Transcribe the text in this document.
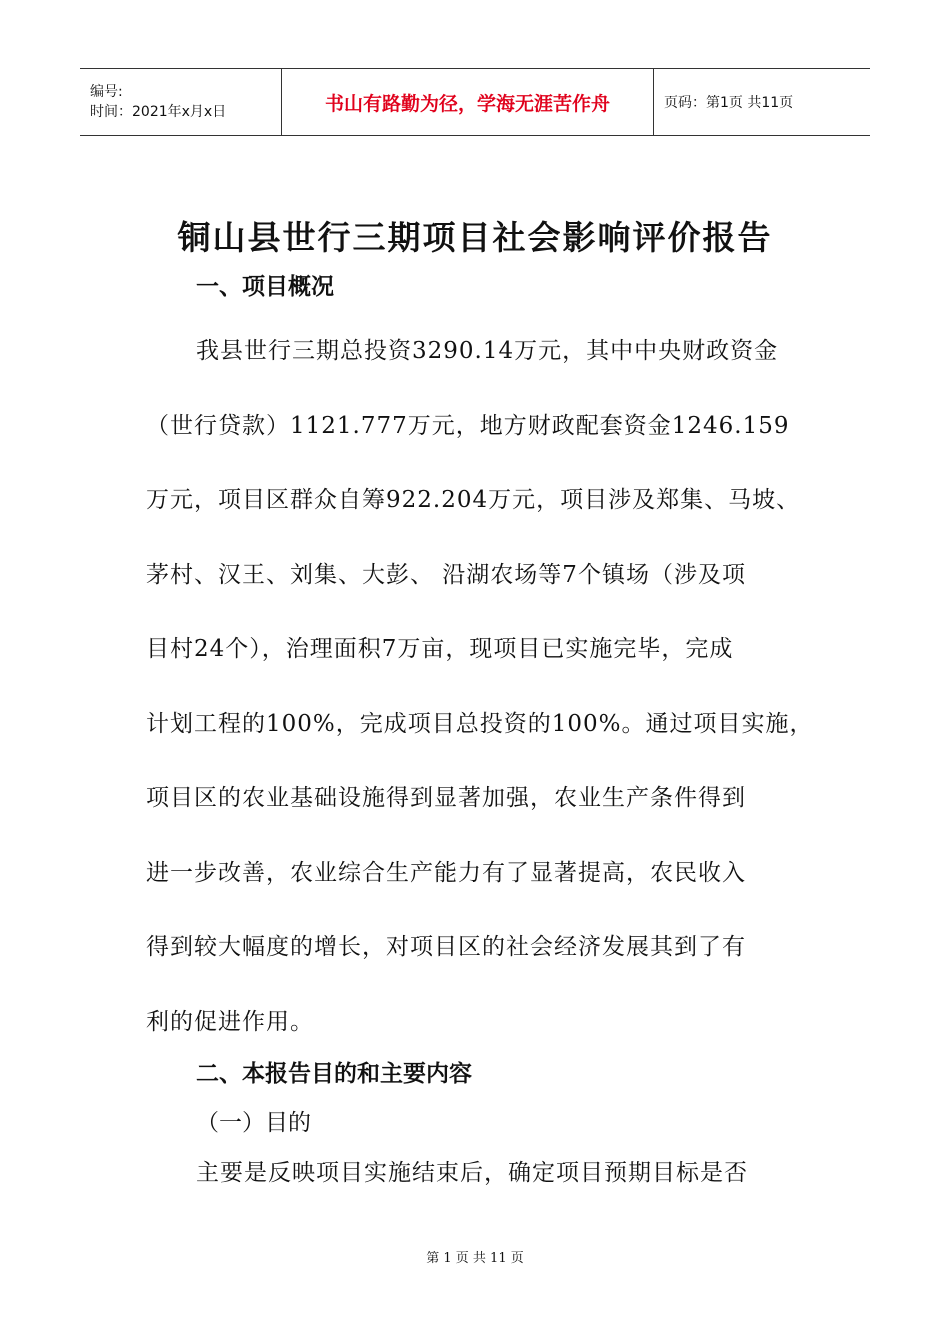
编号:
时间：2021年x月x日	书山有路勤为径，学海无涯苦作舟	页码：第1页 共11页
铜山县世行三期项目社会影响评价报告
一、项目概况

我县世行三期总投资3290.14万元，其中中央财政资金

（世行贷款）1121.777万元，地方财政配套资金1246.159

万元，项目区群众自筹922.204万元，项目涉及郑集、马坡、

茅村、汉王、刘集、大彭、 沿湖农场等7个镇场（涉及项

目村24个），治理面积7万亩，现项目已实施完毕，完成

计划工程的100%，完成项目总投资的100%。通过项目实施，

项目区的农业基础设施得到显著加强，农业生产条件得到

进一步改善，农业综合生产能力有了显著提高，农民收入

得到较大幅度的增长，对项目区的社会经济发展其到了有

利的促进作用。

二、本报告目的和主要内容
（一）目的
主要是反映项目实施结束后，确定项目预期目标是否
第 1 页 共 11 页
